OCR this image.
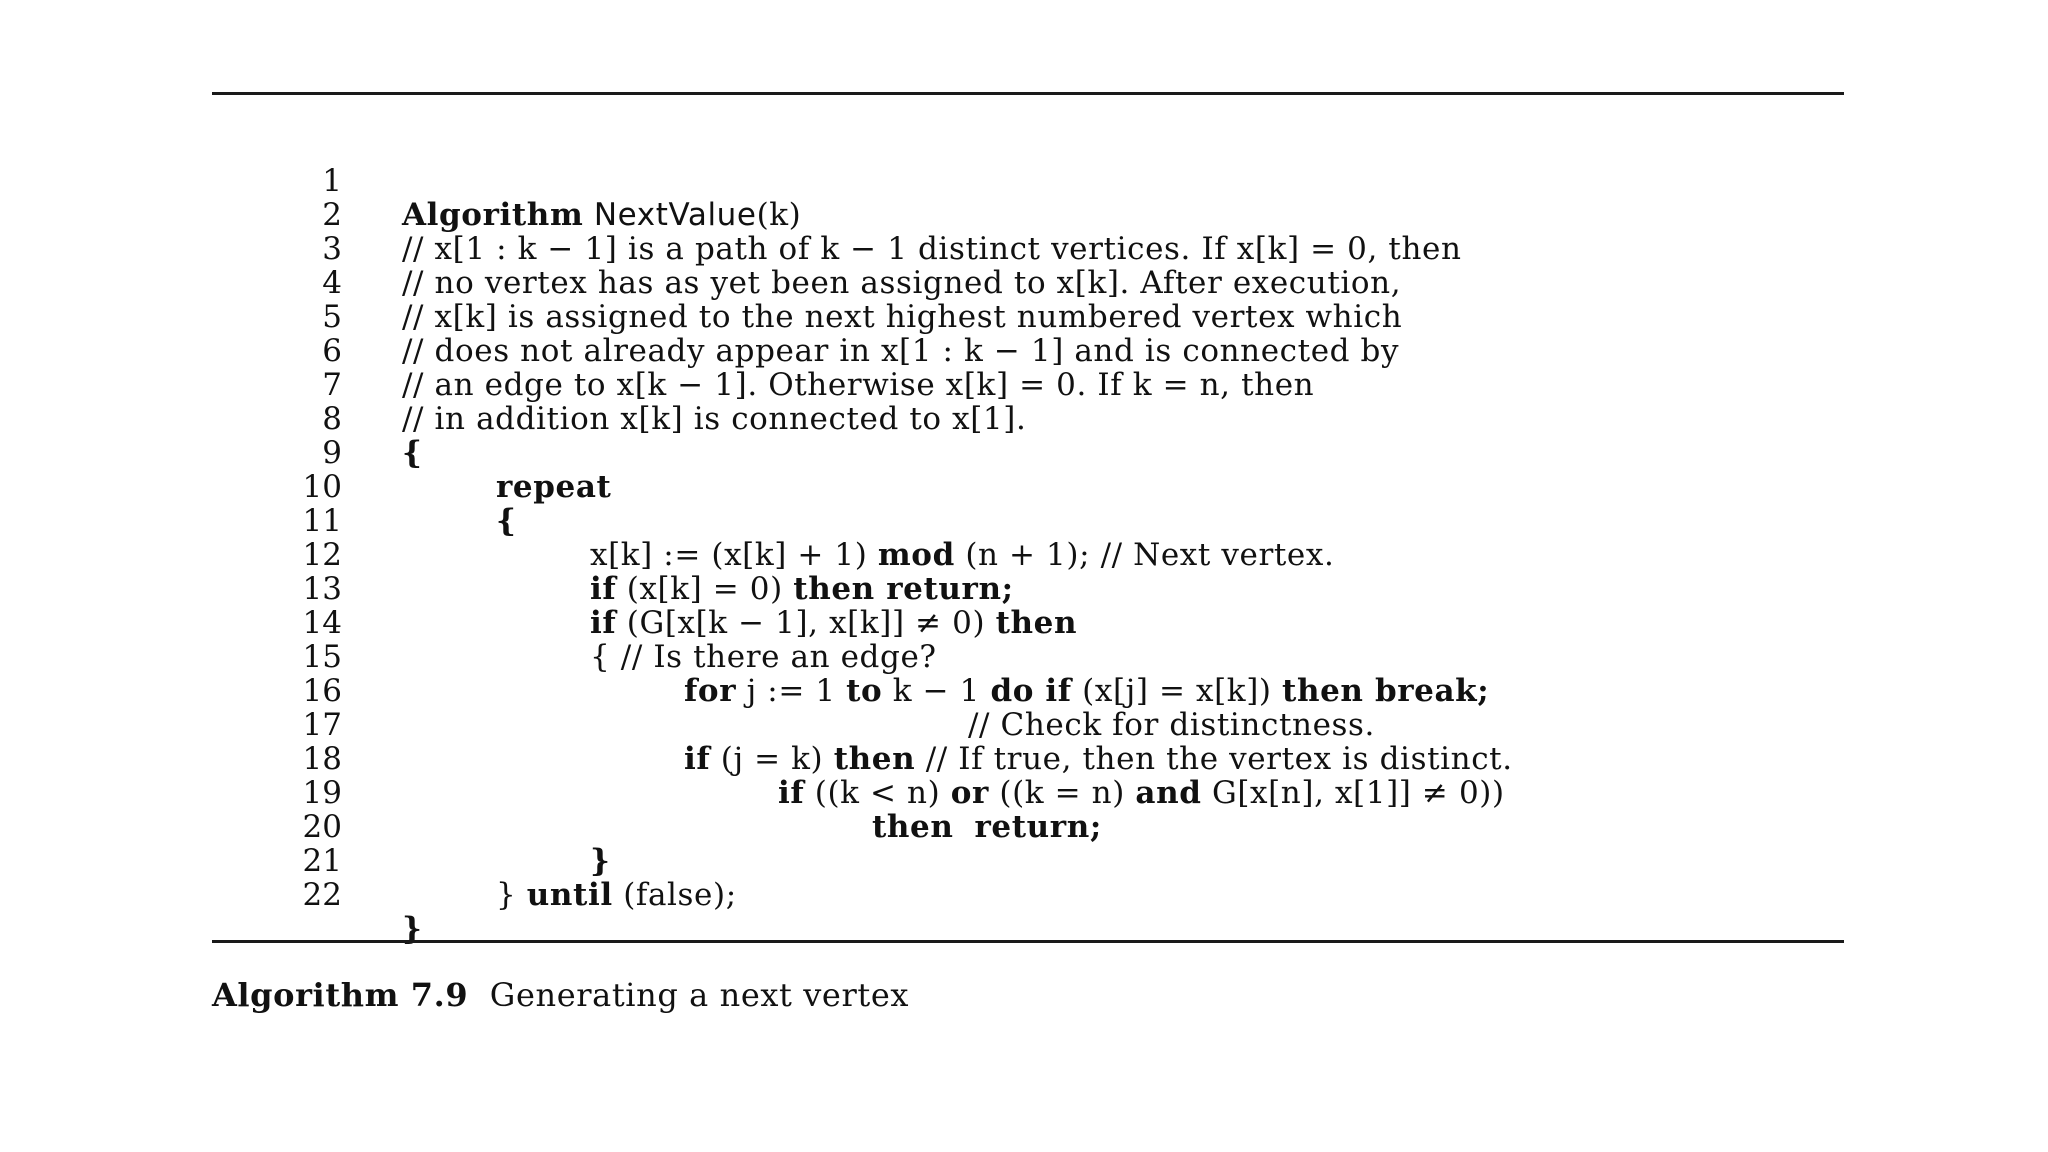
1

Algorithm NextValue(k)

2

// x[1 : k − 1] is a path of k − 1 distinct vertices. If x[k] = 0, then

3

// no vertex has as yet been assigned to x[k]. After execution,

4

// x[k] is assigned to the next highest numbered vertex which

5

// does not already appear in x[1 : k − 1] and is connected by

6

// an edge to x[k − 1]. Otherwise x[k] = 0. If k = n, then

7

// in addition x[k] is connected to x[1].

8

{

9

repeat

10

{

11

x[k] := (x[k] + 1) mod (n + 1); // Next vertex.

12

if (x[k] = 0) then return;

13

if (G[x[k − 1], x[k]] ≠ 0) then

14

{ // Is there an edge?

15

for j := 1 to k − 1 do if (x[j] = x[k]) then break;

16

// Check for distinctness.

17

if (j = k) then // If true, then the vertex is distinct.

18

if ((k < n) or ((k = n) and G[x[n], x[1]] ≠ 0))

19

then return;

20

}

21

} until (false);

22

}

Algorithm 7.9 Generating a next vertex
